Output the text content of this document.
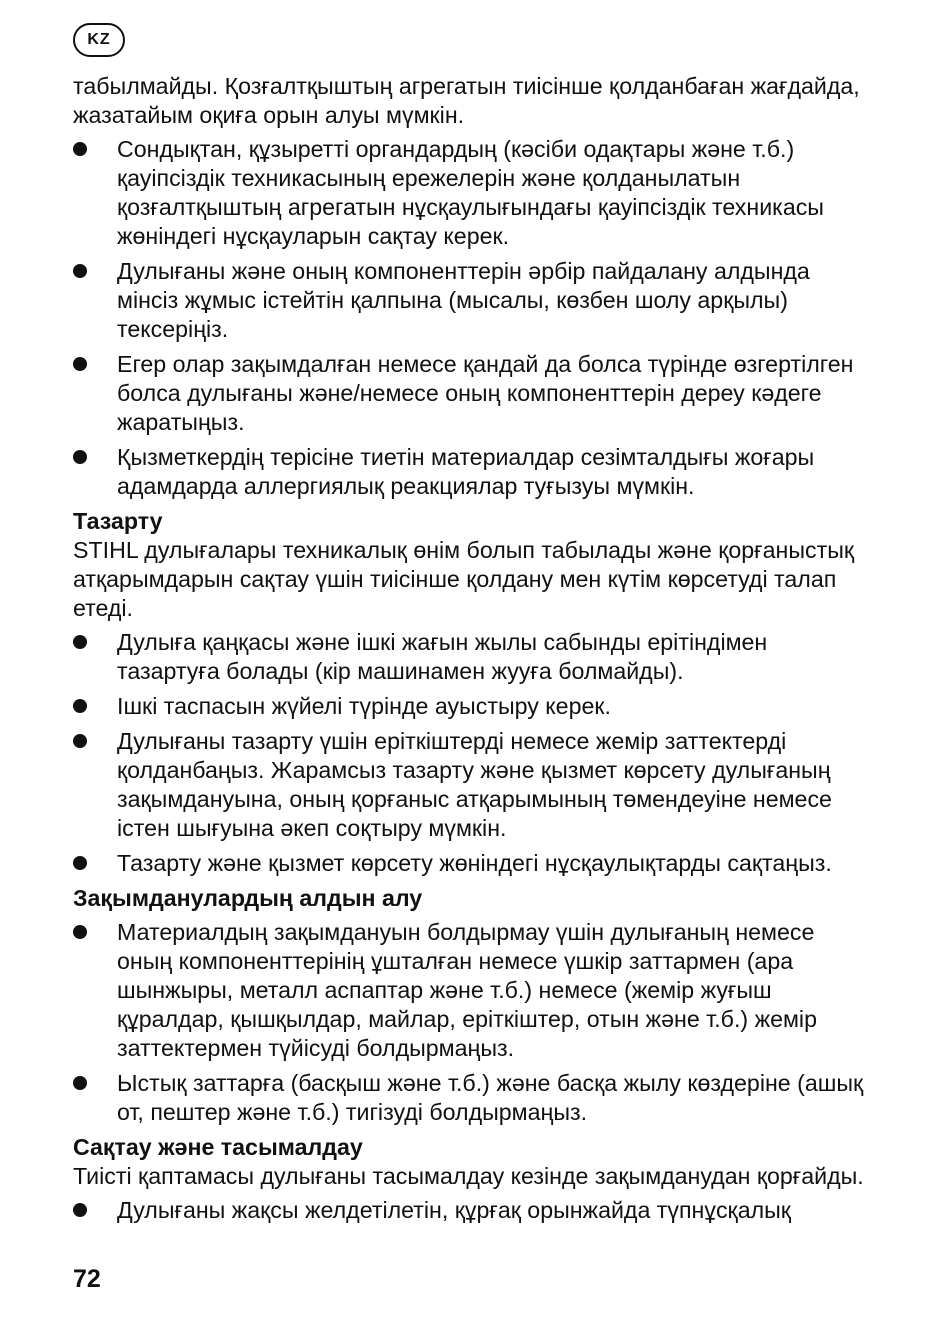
KZ

табылмайды. Қозғалтқыштың агрегатын тиісінше қолданбаған жағдайда, жазатайым оқиға орын алуы мүмкін.

Сондықтан, құзыретті органдардың (кәсіби одақтары және т.б.) қауіпсіздік техникасының ережелерін және қолданылатын қозғалтқыштың агрегатын нұсқаулығындағы қауіпсіздік техникасы жөніндегі нұсқауларын сақтау керек.
Дулығаны және оның компоненттерін әрбір пайдалану алдында мінсіз жұмыс істейтін қалпына (мысалы, көзбен шолу арқылы) тексеріңіз.
Егер олар зақымдалған немесе қандай да болса түрінде өзгертілген болса дулығаны және/немесе оның компоненттерін дереу кәдеге жаратыңыз.
Қызметкердің терісіне тиетін материалдар сезімталдығы жоғары адамдарда аллергиялық реакциялар туғызуы мүмкін.

Тазарту

STIHL дулығалары техникалық өнім болып табылады және қорғаныстық атқарымдарын сақтау үшін тиісінше қолдану мен күтім көрсетуді талап етеді.

Дулыға қаңқасы және ішкі жағын жылы сабынды ерітіндімен тазартуға болады (кір машинамен жууға болмайды).
Ішкі таспасын жүйелі түрінде ауыстыру керек.
Дулығаны тазарту үшін еріткіштерді немесе жемір заттектерді қолданбаңыз. Жарамсыз тазарту және қызмет көрсету дулығаның зақымдануына, оның қорғаныс атқарымының төмендеуіне немесе істен шығуына әкеп соқтыру мүмкін.
Тазарту және қызмет көрсету жөніндегі нұсқаулықтарды сақтаңыз.

Зақымданулардың алдын алу

Материалдың зақымдануын болдырмау үшін дулығаның немесе оның компоненттерінің ұшталған немесе үшкір заттармен (ара шынжыры, металл аспаптар және т.б.) немесе (жемір жуғыш құралдар, қышқылдар, майлар, еріткіштер, отын және т.б.) жемір заттектермен түйісуді болдырмаңыз.
Ыстық заттарға (басқыш және т.б.) және басқа жылу көздеріне (ашық от, пештер және т.б.) тигізуді болдырмаңыз.

Сақтау және тасымалдау

Тиісті қаптамасы дулығаны тасымалдау кезінде зақымданудан қорғайды.

Дулығаны жақсы желдетілетін, құрғақ орынжайда түпнұсқалық
72
